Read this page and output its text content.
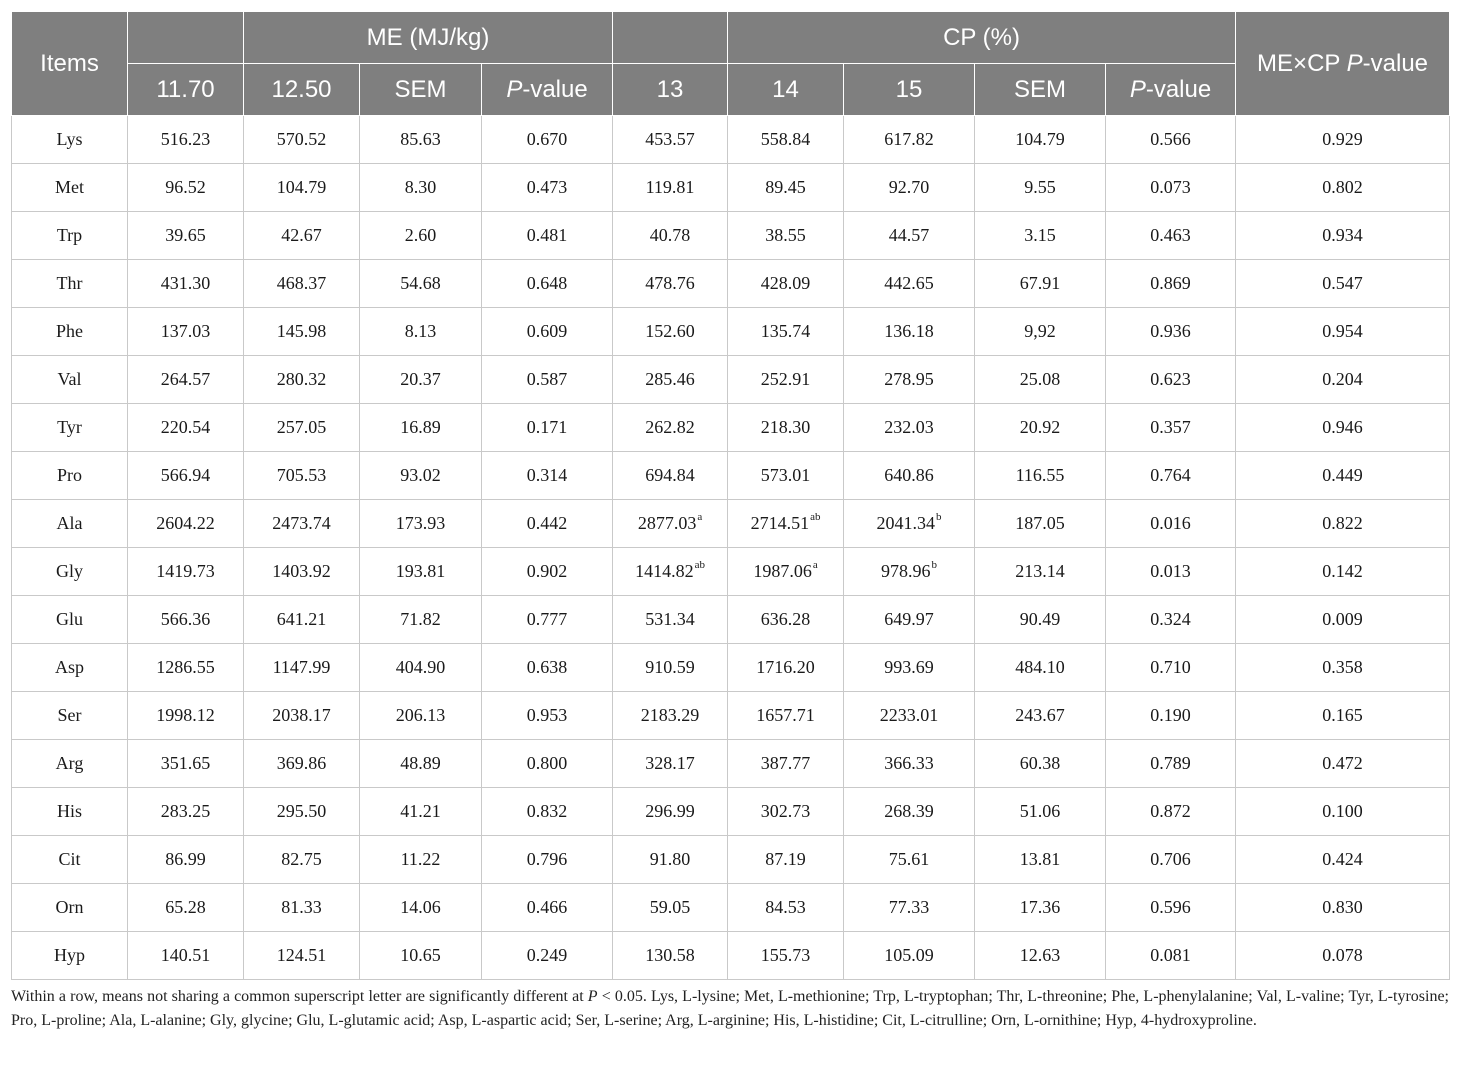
Items		ME (MJ/kg)				CP (%)				ME×CP P-value
	11.70	12.50	SEM	P-value	13	14	15	SEM	P-value	
Lys	516.23	570.52	85.63	0.670	453.57	558.84	617.82	104.79	0.566	0.929
Met	96.52	104.79	8.30	0.473	119.81	89.45	92.70	9.55	0.073	0.802
Trp	39.65	42.67	2.60	0.481	40.78	38.55	44.57	3.15	0.463	0.934
Thr	431.30	468.37	54.68	0.648	478.76	428.09	442.65	67.91	0.869	0.547
Phe	137.03	145.98	8.13	0.609	152.60	135.74	136.18	9,92	0.936	0.954
Val	264.57	280.32	20.37	0.587	285.46	252.91	278.95	25.08	0.623	0.204
Tyr	220.54	257.05	16.89	0.171	262.82	218.30	232.03	20.92	0.357	0.946
Pro	566.94	705.53	93.02	0.314	694.84	573.01	640.86	116.55	0.764	0.449
Ala	2604.22	2473.74	173.93	0.442	2877.03$^a$	2714.51$^{ab}$	2041.34$^b$	187.05	0.016	0.822
Gly	1419.73	1403.92	193.81	0.902	1414.82$^{ab}$	1987.06$^a$	978.96$^b$	213.14	0.013	0.142
Glu	566.36	641.21	71.82	0.777	531.34	636.28	649.97	90.49	0.324	0.009
Asp	1286.55	1147.99	404.90	0.638	910.59	1716.20	993.69	484.10	0.710	0.358
Ser	1998.12	2038.17	206.13	0.953	2183.29	1657.71	2233.01	243.67	0.190	0.165
Arg	351.65	369.86	48.89	0.800	328.17	387.77	366.33	60.38	0.789	0.472
His	283.25	295.50	41.21	0.832	296.99	302.73	268.39	51.06	0.872	0.100
Cit	86.99	82.75	11.22	0.796	91.80	87.19	75.61	13.81	0.706	0.424
Orn	65.28	81.33	14.06	0.466	59.05	84.53	77.33	17.36	0.596	0.830
Hyp	140.51	124.51	10.65	0.249	130.58	155.73	105.09	12.63	0.081	0.078
Within a row, means not sharing a common superscript letter are significantly different at P < 0.05. Lys, L-lysine; Met, L-methionine; Trp, L-tryptophan; Thr, L-threonine; Phe, L-phenylalanine; Val, L-valine; Tyr, L-tyrosine; Pro, L-proline; Ala, L-alanine; Gly, glycine; Glu, L-glutamic acid; Asp, L-aspartic acid; Ser, L-serine; Arg, L-arginine; His, L-histidine; Cit, L-citrulline; Orn, L-ornithine; Hyp, 4-hydroxyproline.
